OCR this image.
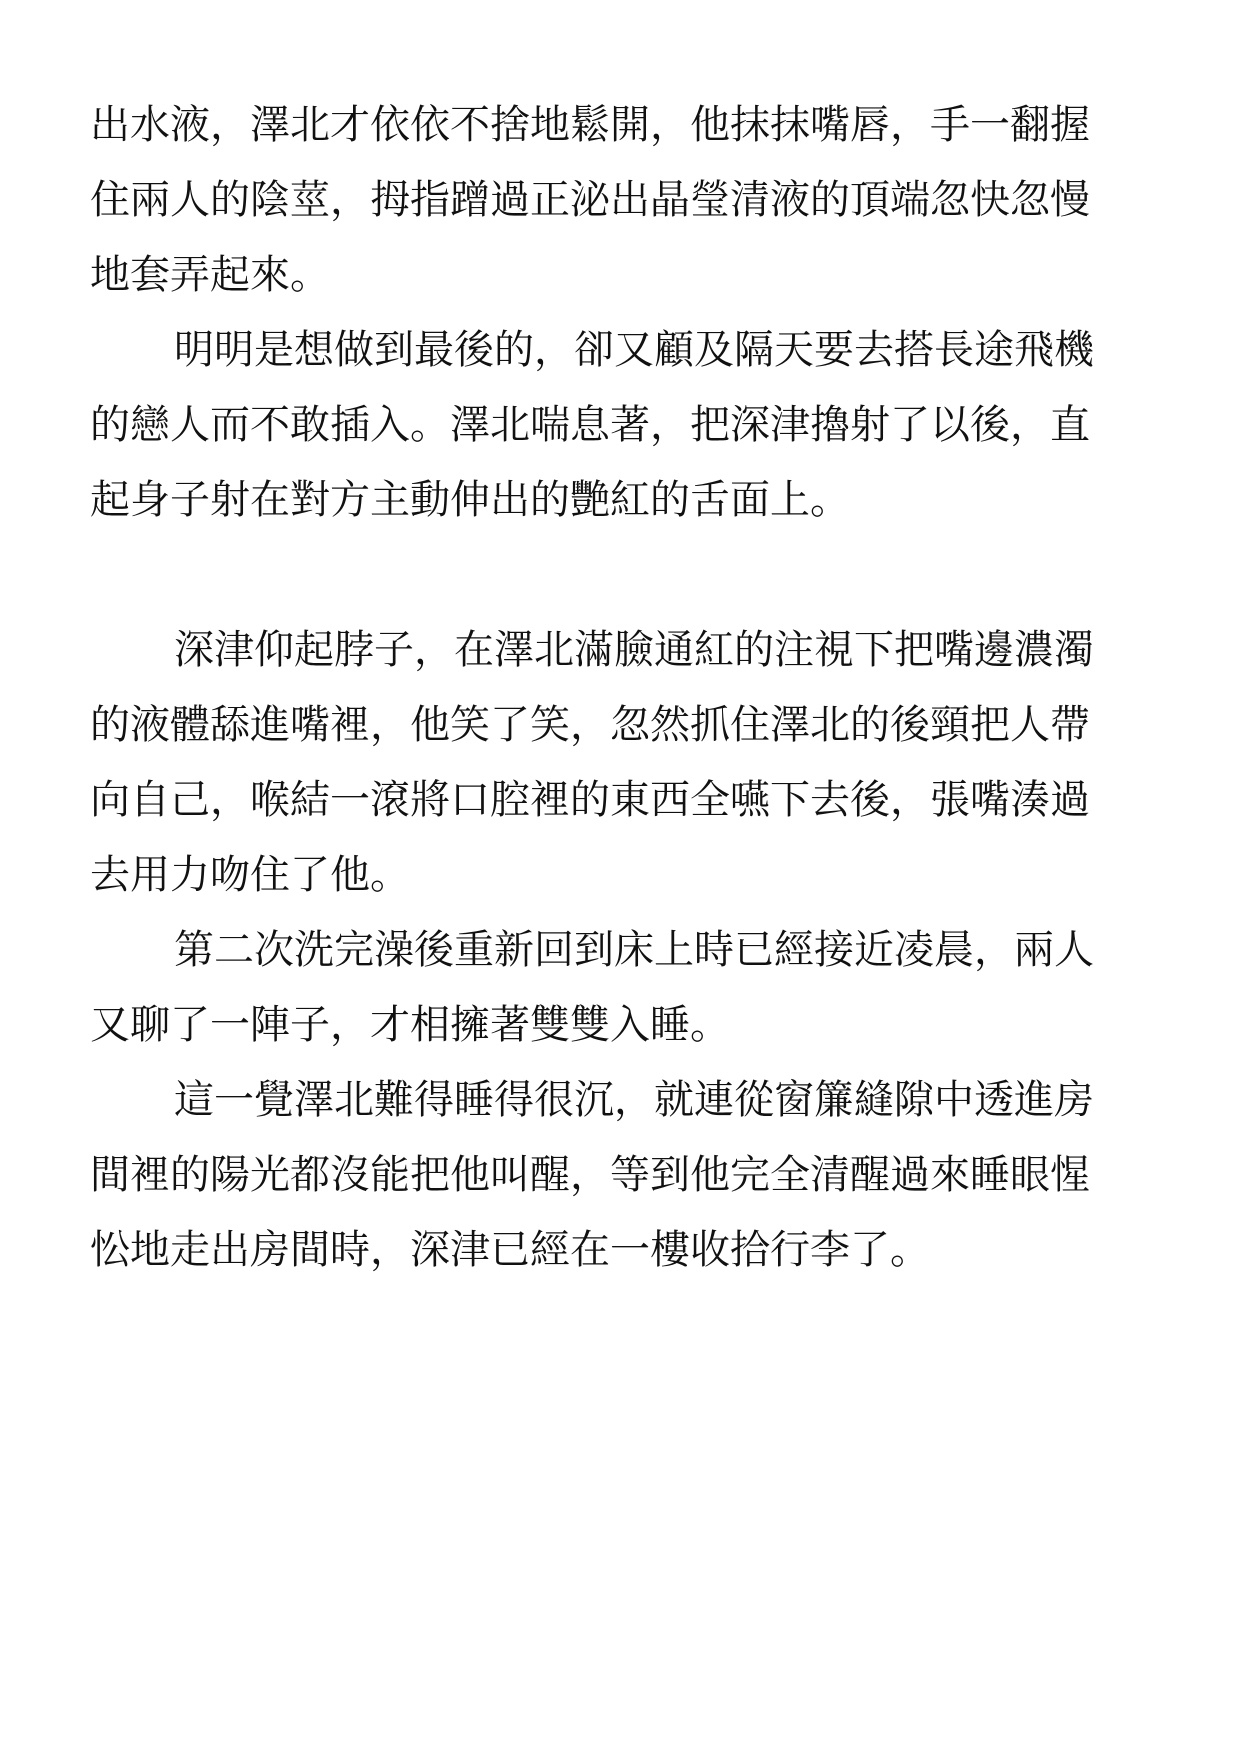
出水液，澤北才依依不捨地鬆開，他抹抹嘴唇，手一翻握

住兩人的陰莖，拇指蹭過正泌出晶瑩清液的頂端忽快忽慢

地套弄起來。

明明是想做到最後的，卻又顧及隔天要去搭長途飛機

的戀人而不敢插入。澤北喘息著，把深津擼射了以後，直

起身子射在對方主動伸出的艷紅的舌面上。

深津仰起脖子，在澤北滿臉通紅的注視下把嘴邊濃濁

的液體舔進嘴裡，他笑了笑，忽然抓住澤北的後頸把人帶

向自己，喉結一滾將口腔裡的東西全嚥下去後，張嘴湊過

去用力吻住了他。

第二次洗完澡後重新回到床上時已經接近凌晨，兩人

又聊了一陣子，才相擁著雙雙入睡。

這一覺澤北難得睡得很沉，就連從窗簾縫隙中透進房

間裡的陽光都沒能把他叫醒，等到他完全清醒過來睡眼惺

忪地走出房間時，深津已經在一樓收拾行李了。
